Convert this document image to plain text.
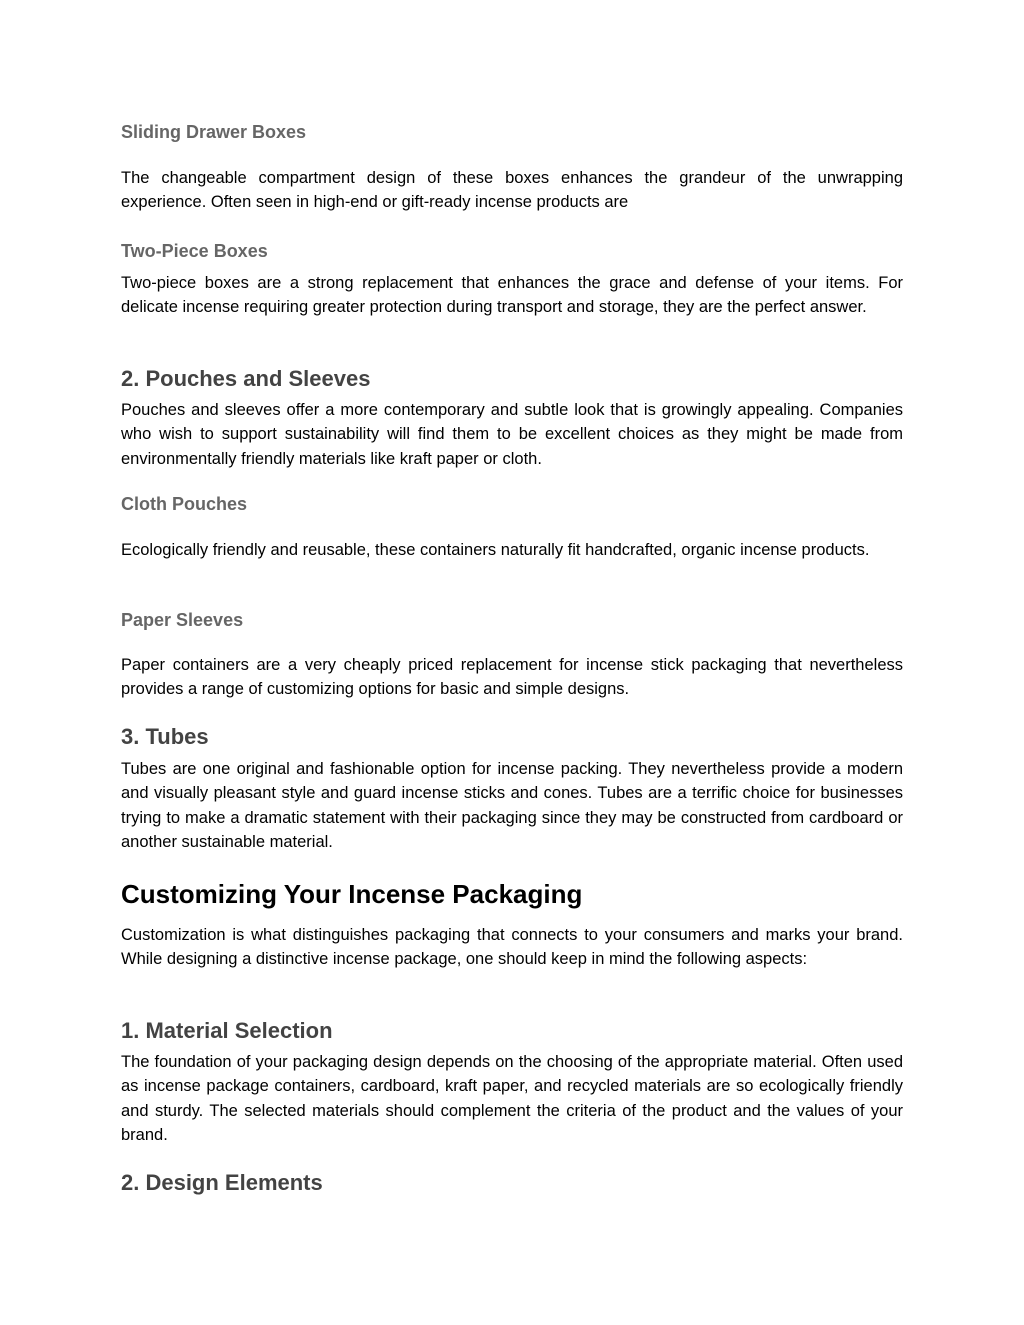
Sliding Drawer Boxes

The changeable compartment design of these boxes enhances the grandeur of the unwrapping experience. Often seen in high-end or gift-ready incense products are

Two-Piece Boxes

Two-piece boxes are a strong replacement that enhances the grace and defense of your items. For delicate incense requiring greater protection during transport and storage, they are the perfect answer.

2. Pouches and Sleeves

Pouches and sleeves offer a more contemporary and subtle look that is growingly appealing. Companies who wish to support sustainability will find them to be excellent choices as they might be made from environmentally friendly materials like kraft paper or cloth.

Cloth Pouches

Ecologically friendly and reusable, these containers naturally fit handcrafted, organic incense products.

Paper Sleeves

Paper containers are a very cheaply priced replacement for incense stick packaging that nevertheless provides a range of customizing options for basic and simple designs.

3. Tubes

Tubes are one original and fashionable option for incense packing. They nevertheless provide a modern and visually pleasant style and guard incense sticks and cones. Tubes are a terrific choice for businesses trying to make a dramatic statement with their packaging since they may be constructed from cardboard or another sustainable material.

Customizing Your Incense Packaging

Customization is what distinguishes packaging that connects to your consumers and marks your brand. While designing a distinctive incense package, one should keep in mind the following aspects:

1. Material Selection

The foundation of your packaging design depends on the choosing of the appropriate material. Often used as incense package containers, cardboard, kraft paper, and recycled materials are so ecologically friendly and sturdy. The selected materials should complement the criteria of the product and the values of your brand.

2. Design Elements
